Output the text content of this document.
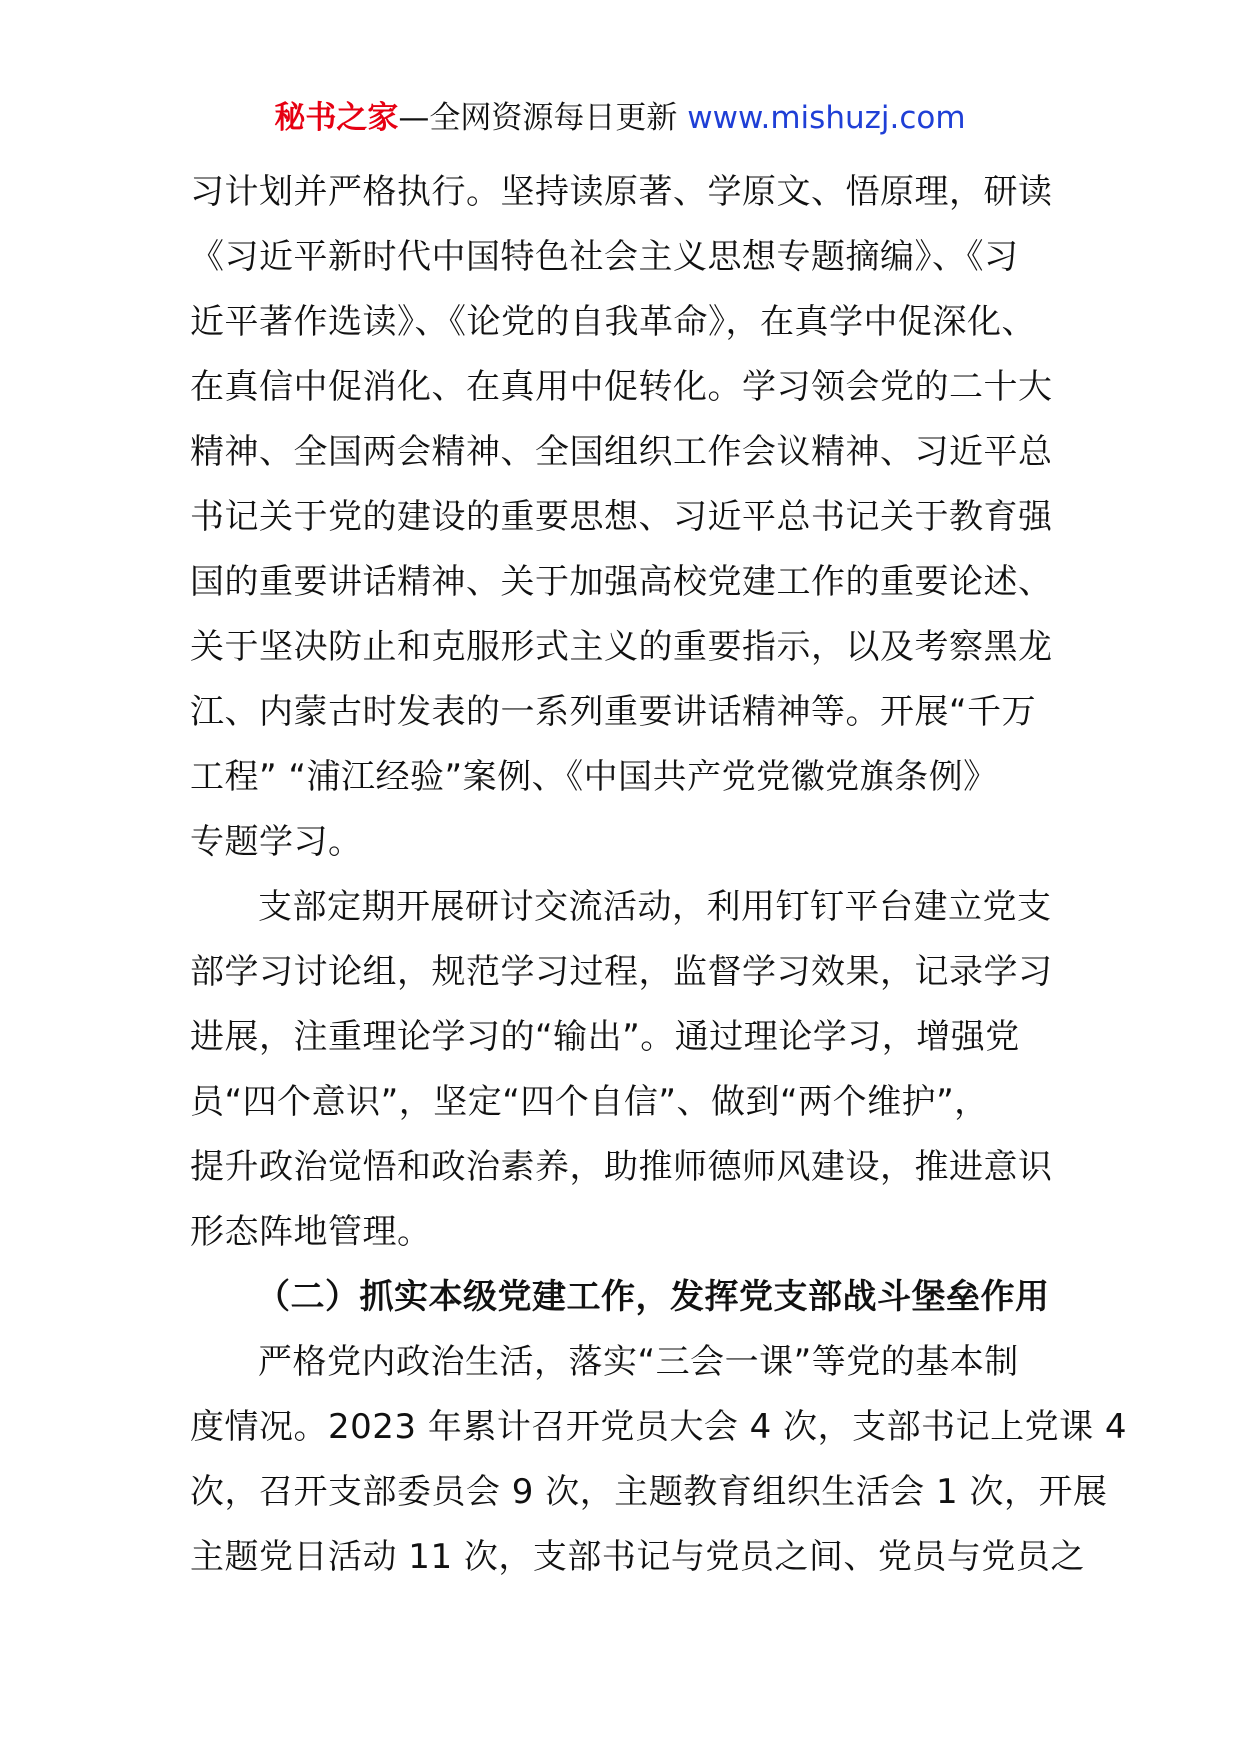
秘书之家—全网资源每日更新 www.mishuzj.com
习计划并严格执行。坚持读原著、学原文、悟原理，研读
《习近平新时代中国特色社会主义思想专题摘编》、《习
近平著作选读》、《论党的自我革命》，在真学中促深化、
在真信中促消化、在真用中促转化。学习领会党的二十大
精神、全国两会精神、全国组织工作会议精神、习近平总
书记关于党的建设的重要思想、习近平总书记关于教育强
国的重要讲话精神、关于加强高校党建工作的重要论述、
关于坚决防止和克服形式主义的重要指示，以及考察黑龙
江、内蒙古时发表的一系列重要讲话精神等。开展“千万
工程” “浦江经验”案例、《中国共产党党徽党旗条例》
专题学习。
支部定期开展研讨交流活动，利用钉钉平台建立党支
部学习讨论组，规范学习过程，监督学习效果，记录学习
进展，注重理论学习的“输出”。通过理论学习，增强党
员“四个意识”，坚定“四个自信”、做到“两个维护”，
提升政治觉悟和政治素养，助推师德师风建设，推进意识
形态阵地管理。
（二）抓实本级党建工作，发挥党支部战斗堡垒作用
严格党内政治生活，落实“三会一课”等党的基本制
度情况。2023 年累计召开党员大会 4 次，支部书记上党课 4
次，召开支部委员会 9 次，主题教育组织生活会 1 次，开展
主题党日活动 11 次，支部书记与党员之间、党员与党员之
